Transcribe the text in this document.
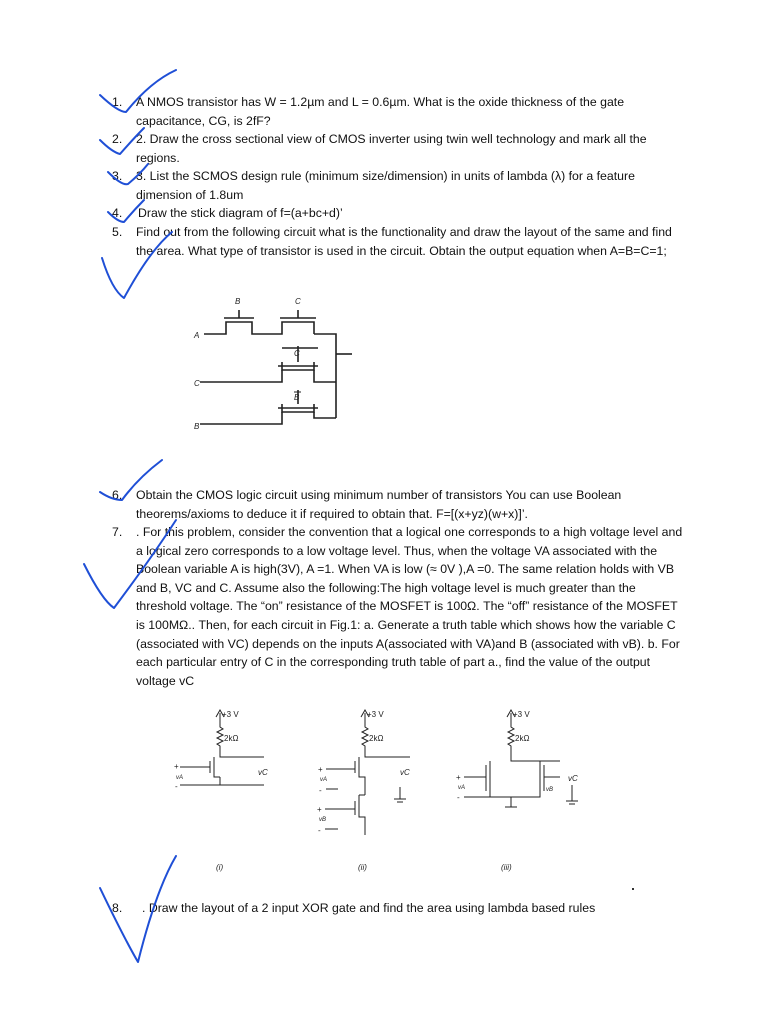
1.	A NMOS transistor has W = 1.2µm and L = 0.6µm. What is the oxide thickness of the gate capacitance, CG, is 2fF?
2.	2. Draw the cross sectional view of CMOS inverter using twin well technology and mark all the regions.
3.	3. List the SCMOS design rule (minimum size/dimension) in units of lambda (λ) for a feature dimension of 1.8um
4.	Draw the stick diagram of f=(a+bc+d)’
5.	Find out from the following circuit what is the functionality and draw the layout of the same and find the area. What type of transistor is used in the circuit. Obtain the output equation when A=B=C=1;
B	C
A
C
C
B
B
6.	Obtain the CMOS logic circuit using minimum number of transistors You can use Boolean theorems/axioms to deduce it if required to obtain that. F=[(x+yz)(w+x)]’.
7.	. For this problem, consider the convention that a logical one corresponds to a high voltage level and a logical zero corresponds to a low voltage level. Thus, when the voltage VA associated with the Boolean variable A is high(3V), A =1. When VA is low (≈ 0V ),A =0. The same relation holds with VB and B, VC and C. Assume also the following:The high voltage level is much greater than the threshold voltage. The “on” resistance of the MOSFET is 100Ω. The “off” resistance of the MOSFET is 100MΩ.. Then, for each circuit in Fig.1: a. Generate a truth table which shows how the variable C (associated with VC) depends on the inputs A(associated with VA)and B (associated with vB). b. For each particular entry of C in the corresponding truth table of part a., find the value of the output voltage vC
+3 V
2kΩ
vC
+
vA
-
+3 V
2kΩ
vC
+
vA
-
+
vB
-
+3 V
2kΩ
vC
+
vA
-
vB
(i)	(ii)	(iii)
8.	. Draw the layout of a 2 input XOR gate and find the area using lambda based rules
